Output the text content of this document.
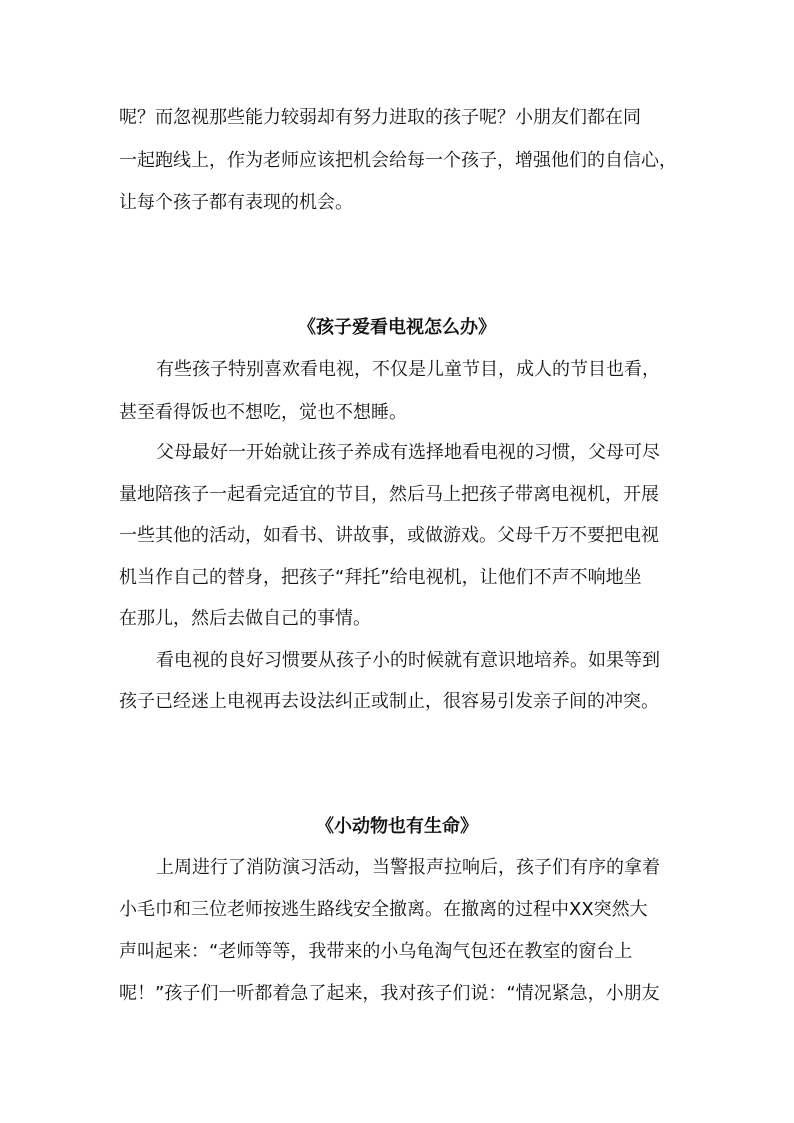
呢？而忽视那些能力较弱却有努力进取的孩子呢？小朋友们都在同
一起跑线上，作为老师应该把机会给每一个孩子，增强他们的自信心，
让每个孩子都有表现的机会。
《孩子爱看电视怎么办》
有些孩子特别喜欢看电视，不仅是儿童节目，成人的节目也看，
甚至看得饭也不想吃，觉也不想睡。
父母最好一开始就让孩子养成有选择地看电视的习惯，父母可尽
量地陪孩子一起看完适宜的节目，然后马上把孩子带离电视机，开展
一些其他的活动，如看书、讲故事，或做游戏。父母千万不要把电视
机当作自己的替身，把孩子“拜托”给电视机，让他们不声不响地坐
在那儿，然后去做自己的事情。
看电视的良好习惯要从孩子小的时候就有意识地培养。如果等到
孩子已经迷上电视再去设法纠正或制止，很容易引发亲子间的冲突。
《小动物也有生命》
上周进行了消防演习活动，当警报声拉响后，孩子们有序的拿着
小毛巾和三位老师按逃生路线安全撤离。在撤离的过程中XX突然大
声叫起来：“老师等等，我带来的小乌龟淘气包还在教室的窗台上
呢！”孩子们一听都着急了起来，我对孩子们说：“情况紧急，小朋友
